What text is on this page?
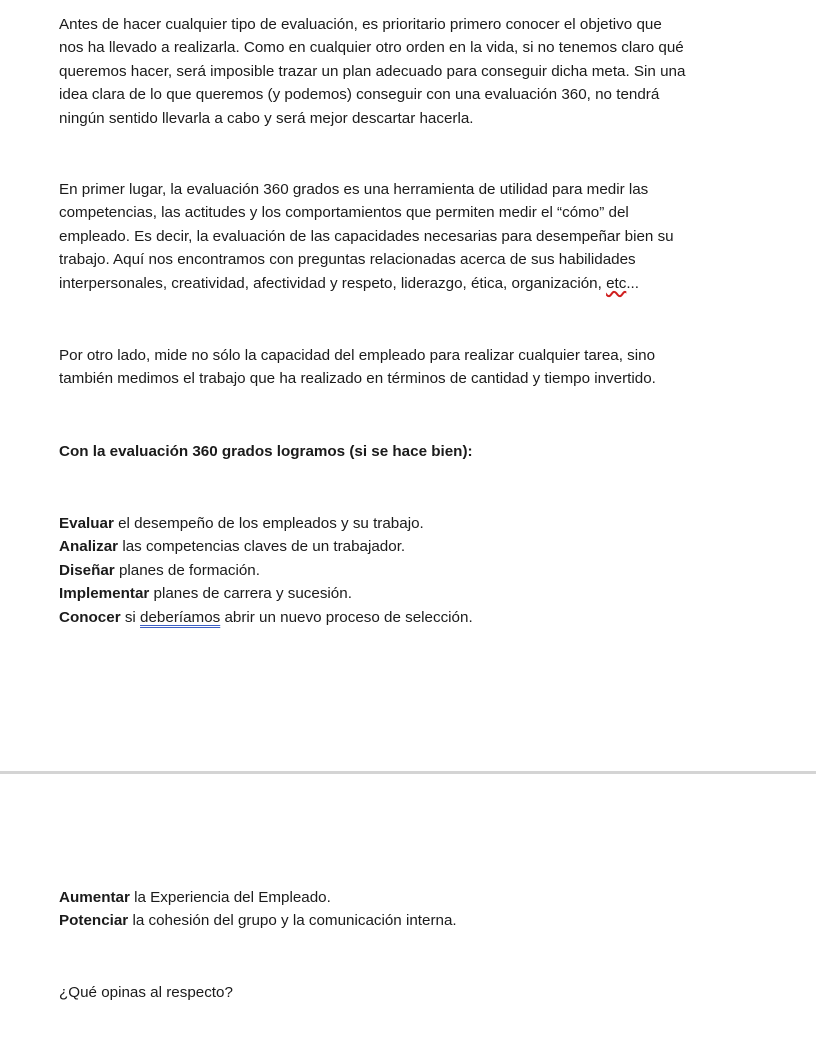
Antes de hacer cualquier tipo de evaluación, es prioritario primero conocer el objetivo que
nos ha llevado a realizarla. Como en cualquier otro orden en la vida, si no tenemos claro qué
queremos hacer, será imposible trazar un plan adecuado para conseguir dicha meta. Sin una
idea clara de lo que queremos (y podemos) conseguir con una evaluación 360, no tendrá
ningún sentido llevarla a cabo y será mejor descartar hacerla.

En primer lugar, la evaluación 360 grados es una herramienta de utilidad para medir las
competencias, las actitudes y los comportamientos que permiten medir el “cómo” del
empleado. Es decir, la evaluación de las capacidades necesarias para desempeñar bien su
trabajo. Aquí nos encontramos con preguntas relacionadas acerca de sus habilidades
interpersonales, creatividad, afectividad y respeto, liderazgo, ética, organización, etc...

Por otro lado, mide no sólo la capacidad del empleado para realizar cualquier tarea, sino
también medimos el trabajo que ha realizado en términos de cantidad y tiempo invertido.

Con la evaluación 360 grados logramos (si se hace bien):

Evaluar el desempeño de los empleados y su trabajo.
Analizar las competencias claves de un trabajador.
Diseñar planes de formación.
Implementar planes de carrera y sucesión.
Conocer si deberíamos abrir un nuevo proceso de selección.
Aumentar la Experiencia del Empleado.
Potenciar la cohesión del grupo y la comunicación interna.

¿Qué opinas al respecto?
